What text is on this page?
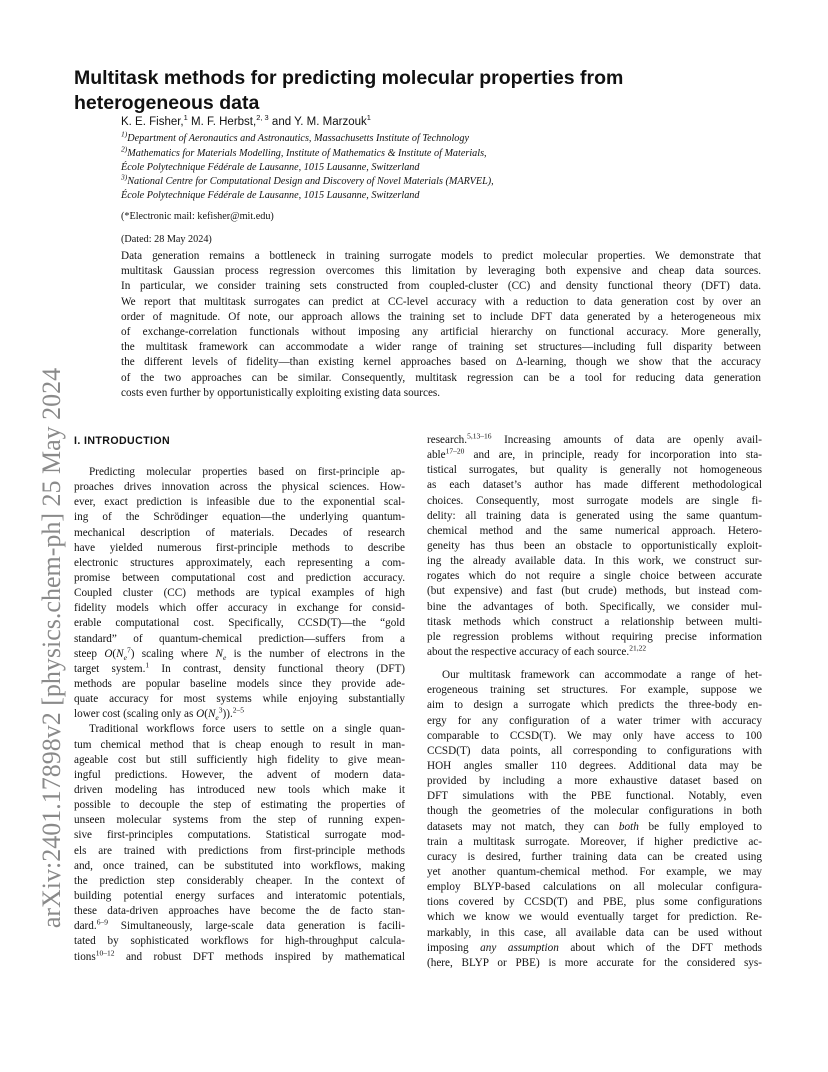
arXiv:2401.17898v2 [physics.chem-ph] 25 May 2024
Multitask methods for predicting molecular properties from heterogeneous data
K. E. Fisher,$^1$ M. F. Herbst,$^{2, 3}$ and Y. M. Marzouk$^1$
$^{1)}$Department of Aeronautics and Astronautics, Massachusetts Institute of Technology
$^{2)}$Mathematics for Materials Modelling, Institute of Mathematics & Institute of Materials,
École Polytechnique Fédérale de Lausanne, 1015 Lausanne, Switzerland
$^{3)}$National Centre for Computational Design and Discovery of Novel Materials (MARVEL),
École Polytechnique Fédérale de Lausanne, 1015 Lausanne, Switzerland
(*Electronic mail: kefisher@mit.edu)
(Dated: 28 May 2024)
Data generation remains a bottleneck in training surrogate models to predict molecular properties. We demonstrate that
multitask Gaussian process regression overcomes this limitation by leveraging both expensive and cheap data sources.
In particular, we consider training sets constructed from coupled-cluster (CC) and density functional theory (DFT) data.
We report that multitask surrogates can predict at CC-level accuracy with a reduction to data generation cost by over an
order of magnitude. Of note, our approach allows the training set to include DFT data generated by a heterogeneous mix
of exchange-correlation functionals without imposing any artificial hierarchy on functional accuracy. More generally,
the multitask framework can accommodate a wider range of training set structures—including full disparity between
the different levels of fidelity—than existing kernel approaches based on Δ-learning, though we show that the accuracy
of the two approaches can be similar. Consequently, multitask regression can be a tool for reducing data generation
costs even further by opportunistically exploiting existing data sources.
I. INTRODUCTION
Predicting molecular properties based on first-principle ap-
proaches drives innovation across the physical sciences. How-
ever, exact prediction is infeasible due to the exponential scal-
ing of the Schrödinger equation—the underlying quantum-
mechanical description of materials. Decades of research
have yielded numerous first-principle methods to describe
electronic structures approximately, each representing a com-
promise between computational cost and prediction accuracy.
Coupled cluster (CC) methods are typical examples of high
fidelity models which offer accuracy in exchange for consid-
erable computational cost. Specifically, CCSD(T)—the “gold
standard” of quantum-chemical prediction—suffers from a
steep $O(N_e^7)$ scaling where $N_e$ is the number of electrons in the
target system.$^1$ In contrast, density functional theory (DFT)
methods are popular baseline models since they provide ade-
quate accuracy for most systems while enjoying substantially
lower cost (scaling only as $O(N_e^3)).^{2-5}$
Traditional workflows force users to settle on a single quan-
tum chemical method that is cheap enough to result in man-
ageable cost but still sufficiently high fidelity to give mean-
ingful predictions. However, the advent of modern data-
driven modeling has introduced new tools which make it
possible to decouple the step of estimating the properties of
unseen molecular systems from the step of running expen-
sive first-principles computations. Statistical surrogate mod-
els are trained with predictions from first-principle methods
and, once trained, can be substituted into workflows, making
the prediction step considerably cheaper. In the context of
building potential energy surfaces and interatomic potentials,
these data-driven approaches have become the de facto stan-
dard.$^{6-9}$ Simultaneously, large-scale data generation is facili-
tated by sophisticated workflows for high-throughput calcula-
tions$^{10-12}$ and robust DFT methods inspired by mathematical
research.$^{5,13-16}$ Increasing amounts of data are openly avail-
able$^{17-20}$ and are, in principle, ready for incorporation into sta-
tistical surrogates, but quality is generally not homogeneous
as each dataset’s author has made different methodological
choices. Consequently, most surrogate models are single fi-
delity: all training data is generated using the same quantum-
chemical method and the same numerical approach. Hetero-
geneity has thus been an obstacle to opportunistically exploit-
ing the already available data. In this work, we construct sur-
rogates which do not require a single choice between accurate
(but expensive) and fast (but crude) methods, but instead com-
bine the advantages of both. Specifically, we consider mul-
titask methods which construct a relationship between multi-
ple regression problems without requiring precise information
about the respective accuracy of each source.$^{21,22}$
Our multitask framework can accommodate a range of het-
erogeneous training set structures. For example, suppose we
aim to design a surrogate which predicts the three-body en-
ergy for any configuration of a water trimer with accuracy
comparable to CCSD(T). We may only have access to 100
CCSD(T) data points, all corresponding to configurations with
HOH angles smaller 110 degrees. Additional data may be
provided by including a more exhaustive dataset based on
DFT simulations with the PBE functional. Notably, even
though the geometries of the molecular configurations in both
datasets may not match, they can both be fully employed to
train a multitask surrogate. Moreover, if higher predictive ac-
curacy is desired, further training data can be created using
yet another quantum-chemical method. For example, we may
employ BLYP-based calculations on all molecular configura-
tions covered by CCSD(T) and PBE, plus some configurations
which we know we would eventually target for prediction. Re-
markably, in this case, all available data can be used without
imposing any assumption about which of the DFT methods
(here, BLYP or PBE) is more accurate for the considered sys-
